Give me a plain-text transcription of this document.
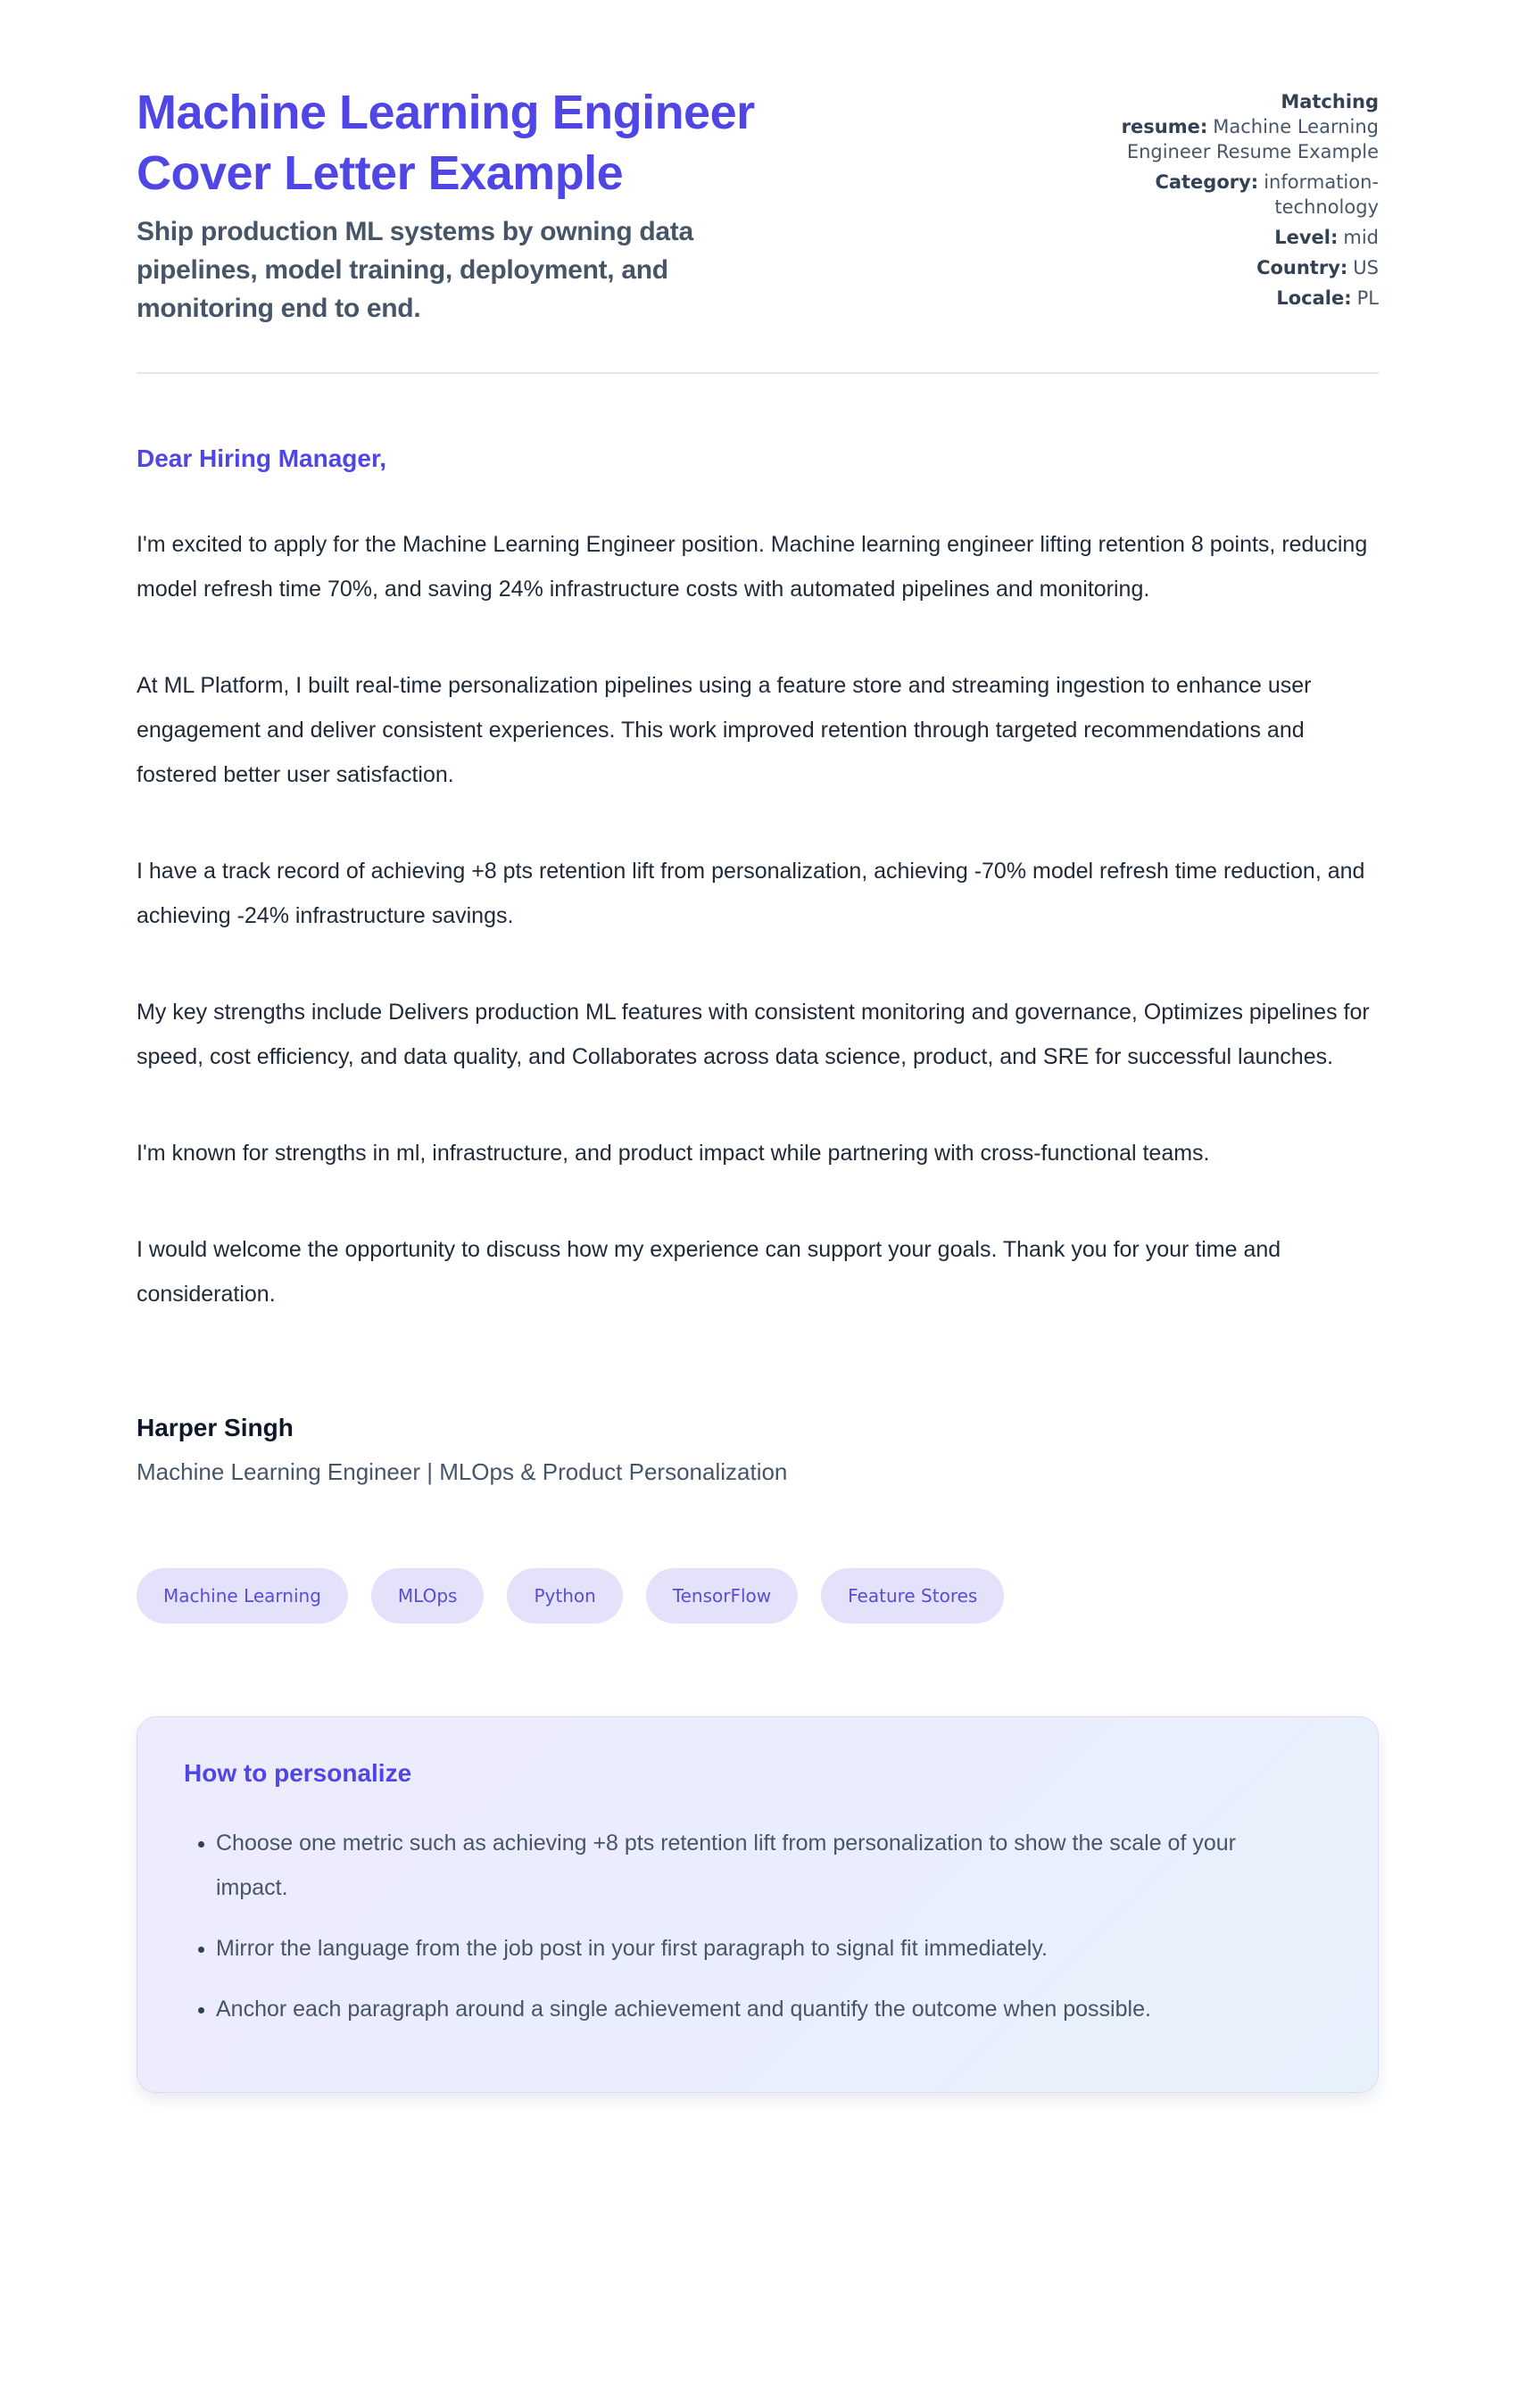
Machine Learning Engineer Cover Letter Example
Ship production ML systems by owning data pipelines, model training, deployment, and monitoring end to end.
Matching resume: Machine Learning Engineer Resume Example
Category: information-technology
Level: mid
Country: US
Locale: PL
Dear Hiring Manager,

I'm excited to apply for the Machine Learning Engineer position. Machine learning engineer lifting retention 8 points, reducing model refresh time 70%, and saving 24% infrastructure costs with automated pipelines and monitoring.

At ML Platform, I built real-time personalization pipelines using a feature store and streaming ingestion to enhance user engagement and deliver consistent experiences. This work improved retention through targeted recommendations and fostered better user satisfaction.

I have a track record of achieving +8 pts retention lift from personalization, achieving -70% model refresh time reduction, and achieving -24% infrastructure savings.

My key strengths include Delivers production ML features with consistent monitoring and governance, Optimizes pipelines for speed, cost efficiency, and data quality, and Collaborates across data science, product, and SRE for successful launches.

I'm known for strengths in ml, infrastructure, and product impact while partnering with cross-functional teams.

I would welcome the opportunity to discuss how my experience can support your goals. Thank you for your time and consideration.

Harper Singh
Machine Learning Engineer | MLOps & Product Personalization
Machine Learning	MLOps	Python	TensorFlow	Feature Stores
How to personalize
• Choose one metric such as achieving +8 pts retention lift from personalization to show the scale of your impact.
• Mirror the language from the job post in your first paragraph to signal fit immediately.
• Anchor each paragraph around a single achievement and quantify the outcome when possible.
